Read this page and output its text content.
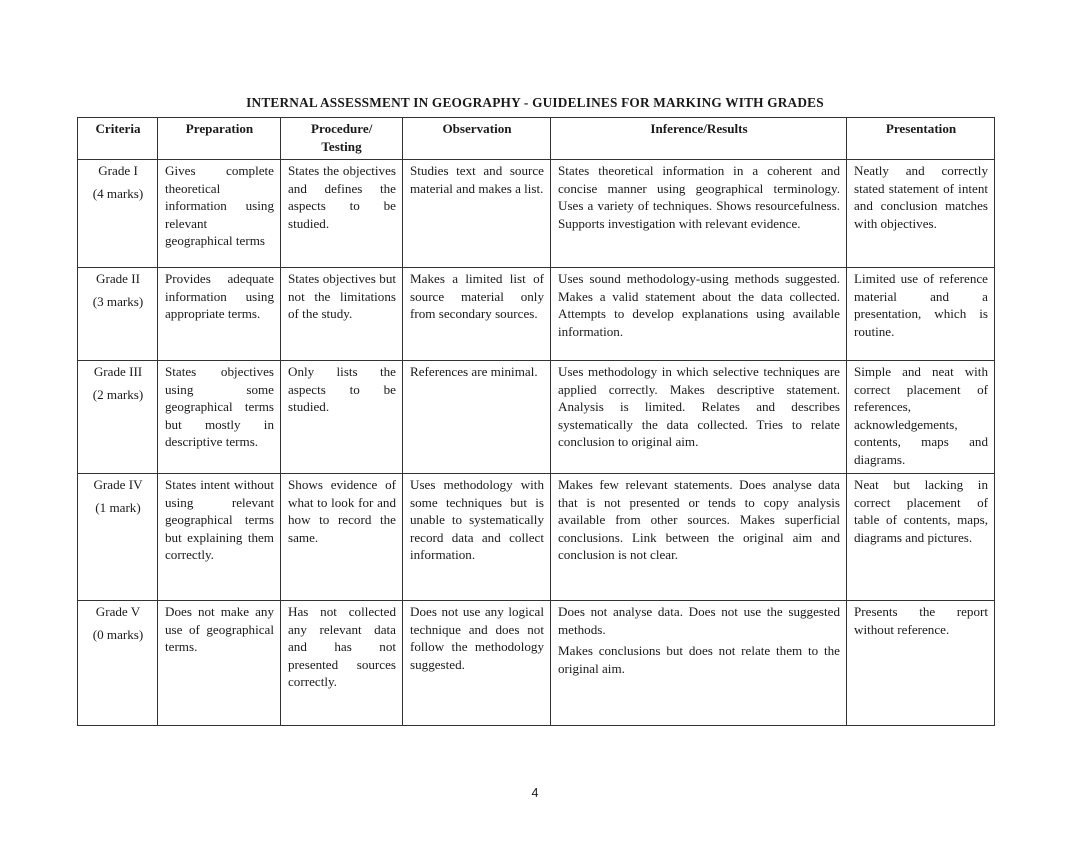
INTERNAL ASSESSMENT IN GEOGRAPHY - GUIDELINES FOR MARKING WITH GRADES
Criteria	Preparation	Procedure/ Testing	Observation	Inference/Results	Presentation
Grade I
(4 marks)	Gives complete theoretical information using relevant geographical terms	States the objectives and defines the aspects to be studied.	Studies text and source material and makes a list.	States theoretical information in a coherent and concise manner using geographical terminology. Uses a variety of techniques. Shows resourcefulness. Supports investigation with relevant evidence.	Neatly and correctly stated statement of intent and conclusion matches with objectives.
Grade II
(3 marks)	Provides adequate information using appropriate terms.	States objectives but not the limitations of the study.	Makes a limited list of source material only from secondary sources.	Uses sound methodology-using methods suggested. Makes a valid statement about the data collected. Attempts to develop explanations using available information.	Limited use of reference material and a presentation, which is routine.
Grade III
(2 marks)	States objectives using some geographical terms but mostly in descriptive terms.	Only lists the aspects to be studied.	References are minimal.	Uses methodology in which selective techniques are applied correctly. Makes descriptive statement. Analysis is limited. Relates and describes systematically the data collected. Tries to relate conclusion to original aim.	Simple and neat with correct placement of references, acknowledgements, contents, maps and diagrams.
Grade IV
(1 mark)	States intent without using relevant geographical terms but explaining them correctly.	Shows evidence of what to look for and how to record the same.	Uses methodology with some techniques but is unable to systematically record data and collect information.	Makes few relevant statements. Does analyse data that is not presented or tends to copy analysis available from other sources. Makes superficial conclusions. Link between the original aim and conclusion is not clear.	Neat but lacking in correct placement of table of contents, maps, diagrams and pictures.
Grade V
(0 marks)	Does not make any use of geographical terms.	Has not collected any relevant data and has not presented sources correctly.	Does not use any logical technique and does not follow the methodology suggested.	Does not analyse data. Does not use the suggested methods.
Makes conclusions but does not relate them to the original aim.	Presents the report without reference.
4
